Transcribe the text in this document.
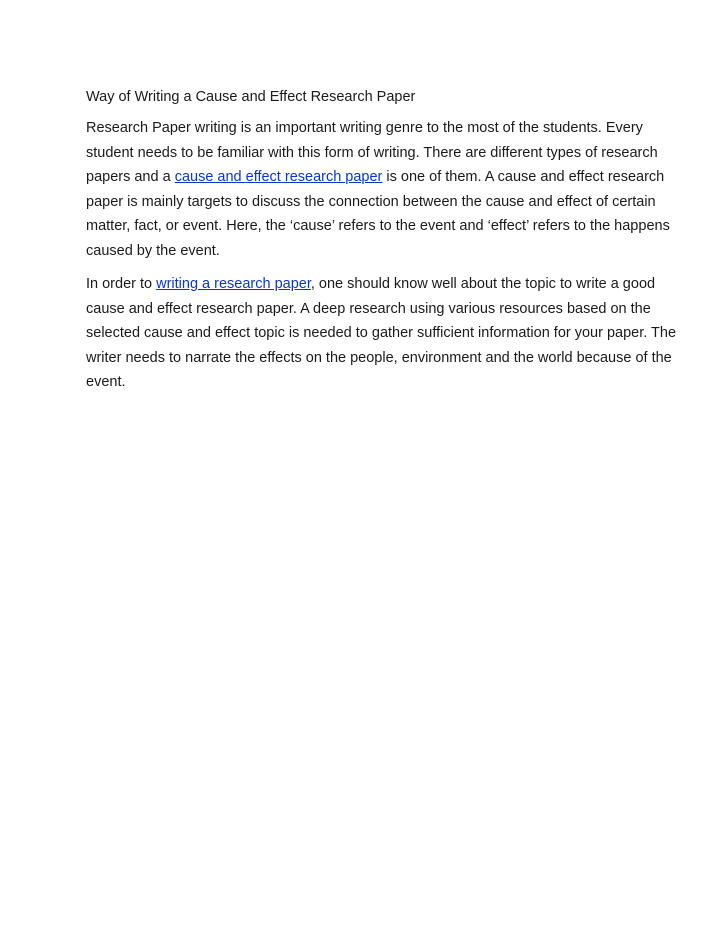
Way of Writing a Cause and Effect Research Paper

Research Paper writing is an important writing genre to the most of the students. Every student needs to be familiar with this form of writing. There are different types of research papers and a cause and effect research paper is one of them. A cause and effect research paper is mainly targets to discuss the connection between the cause and effect of certain matter, fact, or event. Here, the ‘cause’ refers to the event and ‘effect’ refers to the happens caused by the event.

In order to writing a research paper, one should know well about the topic to write a good cause and effect research paper. A deep research using various resources based on the selected cause and effect topic is needed to gather sufficient information for your paper. The writer needs to narrate the effects on the people, environment and the world because of the event.
